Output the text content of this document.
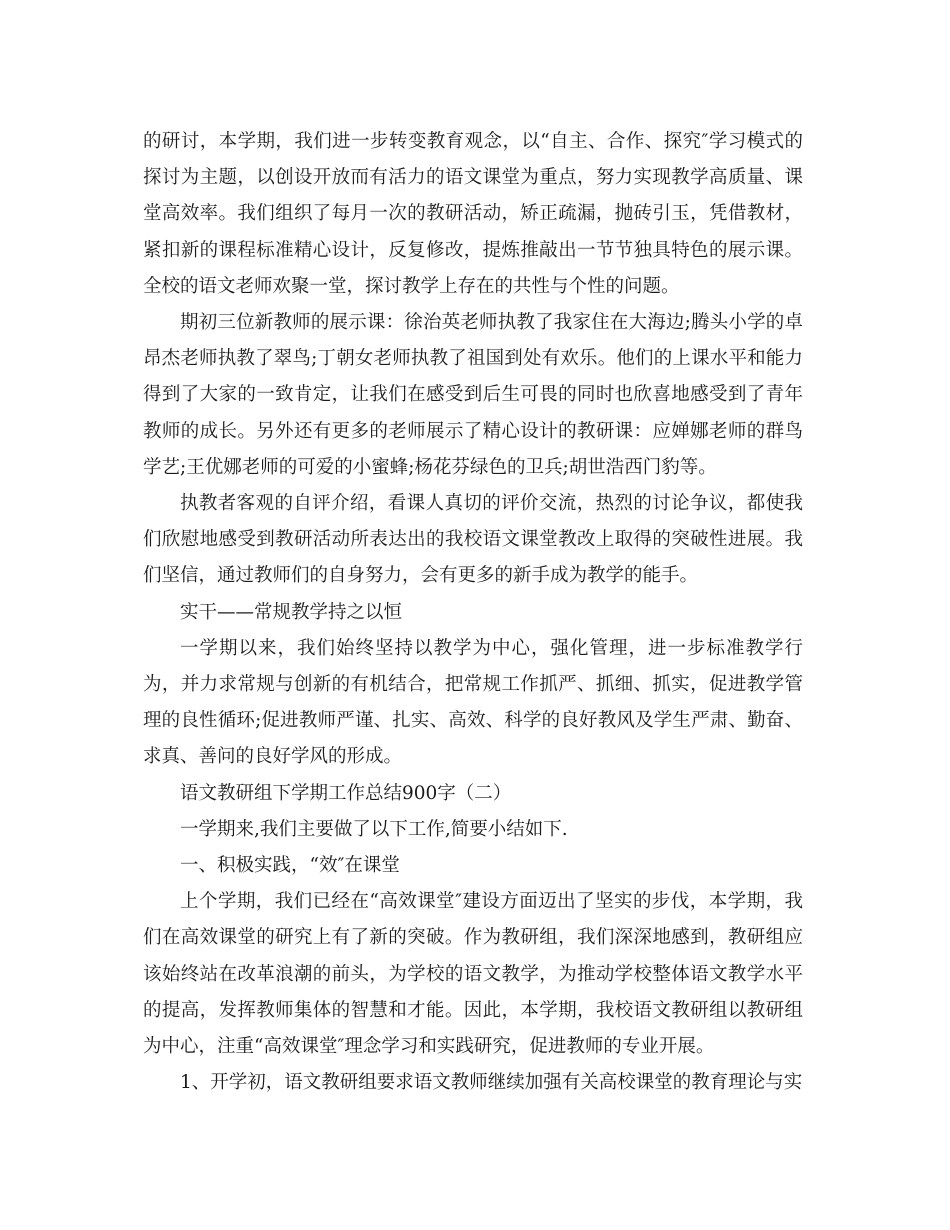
的研讨，本学期，我们进一步转变教育观念，以“自主、合作、探究″学习模式的探讨为主题，以创设开放而有活力的语文课堂为重点，努力实现教学高质量、课堂高效率。我们组织了每月一次的教研活动，矫正疏漏，抛砖引玉，凭借教材，紧扣新的课程标准精心设计，反复修改，提炼推敲出一节节独具特色的展示课。全校的语文老师欢聚一堂，探讨教学上存在的共性与个性的问题。

期初三位新教师的展示课：徐治英老师执教了我家住在大海边;腾头小学的卓昂杰老师执教了翠鸟;丁朝女老师执教了祖国到处有欢乐。他们的上课水平和能力得到了大家的一致肯定，让我们在感受到后生可畏的同时也欣喜地感受到了青年教师的成长。另外还有更多的老师展示了精心设计的教研课：应婵娜老师的群鸟学艺;王优娜老师的可爱的小蜜蜂;杨花芬绿色的卫兵;胡世浩西门豹等。

执教者客观的自评介绍，看课人真切的评价交流，热烈的讨论争议，都使我们欣慰地感受到教研活动所表达出的我校语文课堂教改上取得的突破性进展。我们坚信，通过教师们的自身努力，会有更多的新手成为教学的能手。

实干——常规教学持之以恒

一学期以来，我们始终坚持以教学为中心，强化管理，进一步标准教学行为，并力求常规与创新的有机结合，把常规工作抓严、抓细、抓实，促进教学管理的良性循环;促进教师严谨、扎实、高效、科学的良好教风及学生严肃、勤奋、求真、善问的良好学风的形成。

语文教研组下学期工作总结900字（二）

一学期来,我们主要做了以下工作,简要小结如下.

一、积极实践，“效″在课堂

上个学期，我们已经在“高效课堂″建设方面迈出了坚实的步伐，本学期，我们在高效课堂的研究上有了新的突破。作为教研组，我们深深地感到，教研组应该始终站在改革浪潮的前头，为学校的语文教学，为推动学校整体语文教学水平的提高，发挥教师集体的智慧和才能。因此，本学期，我校语文教研组以教研组为中心，注重“高效课堂″理念学习和实践研究，促进教师的专业开展。

1、开学初，语文教研组要求语文教师继续加强有关高校课堂的教育理论与实
